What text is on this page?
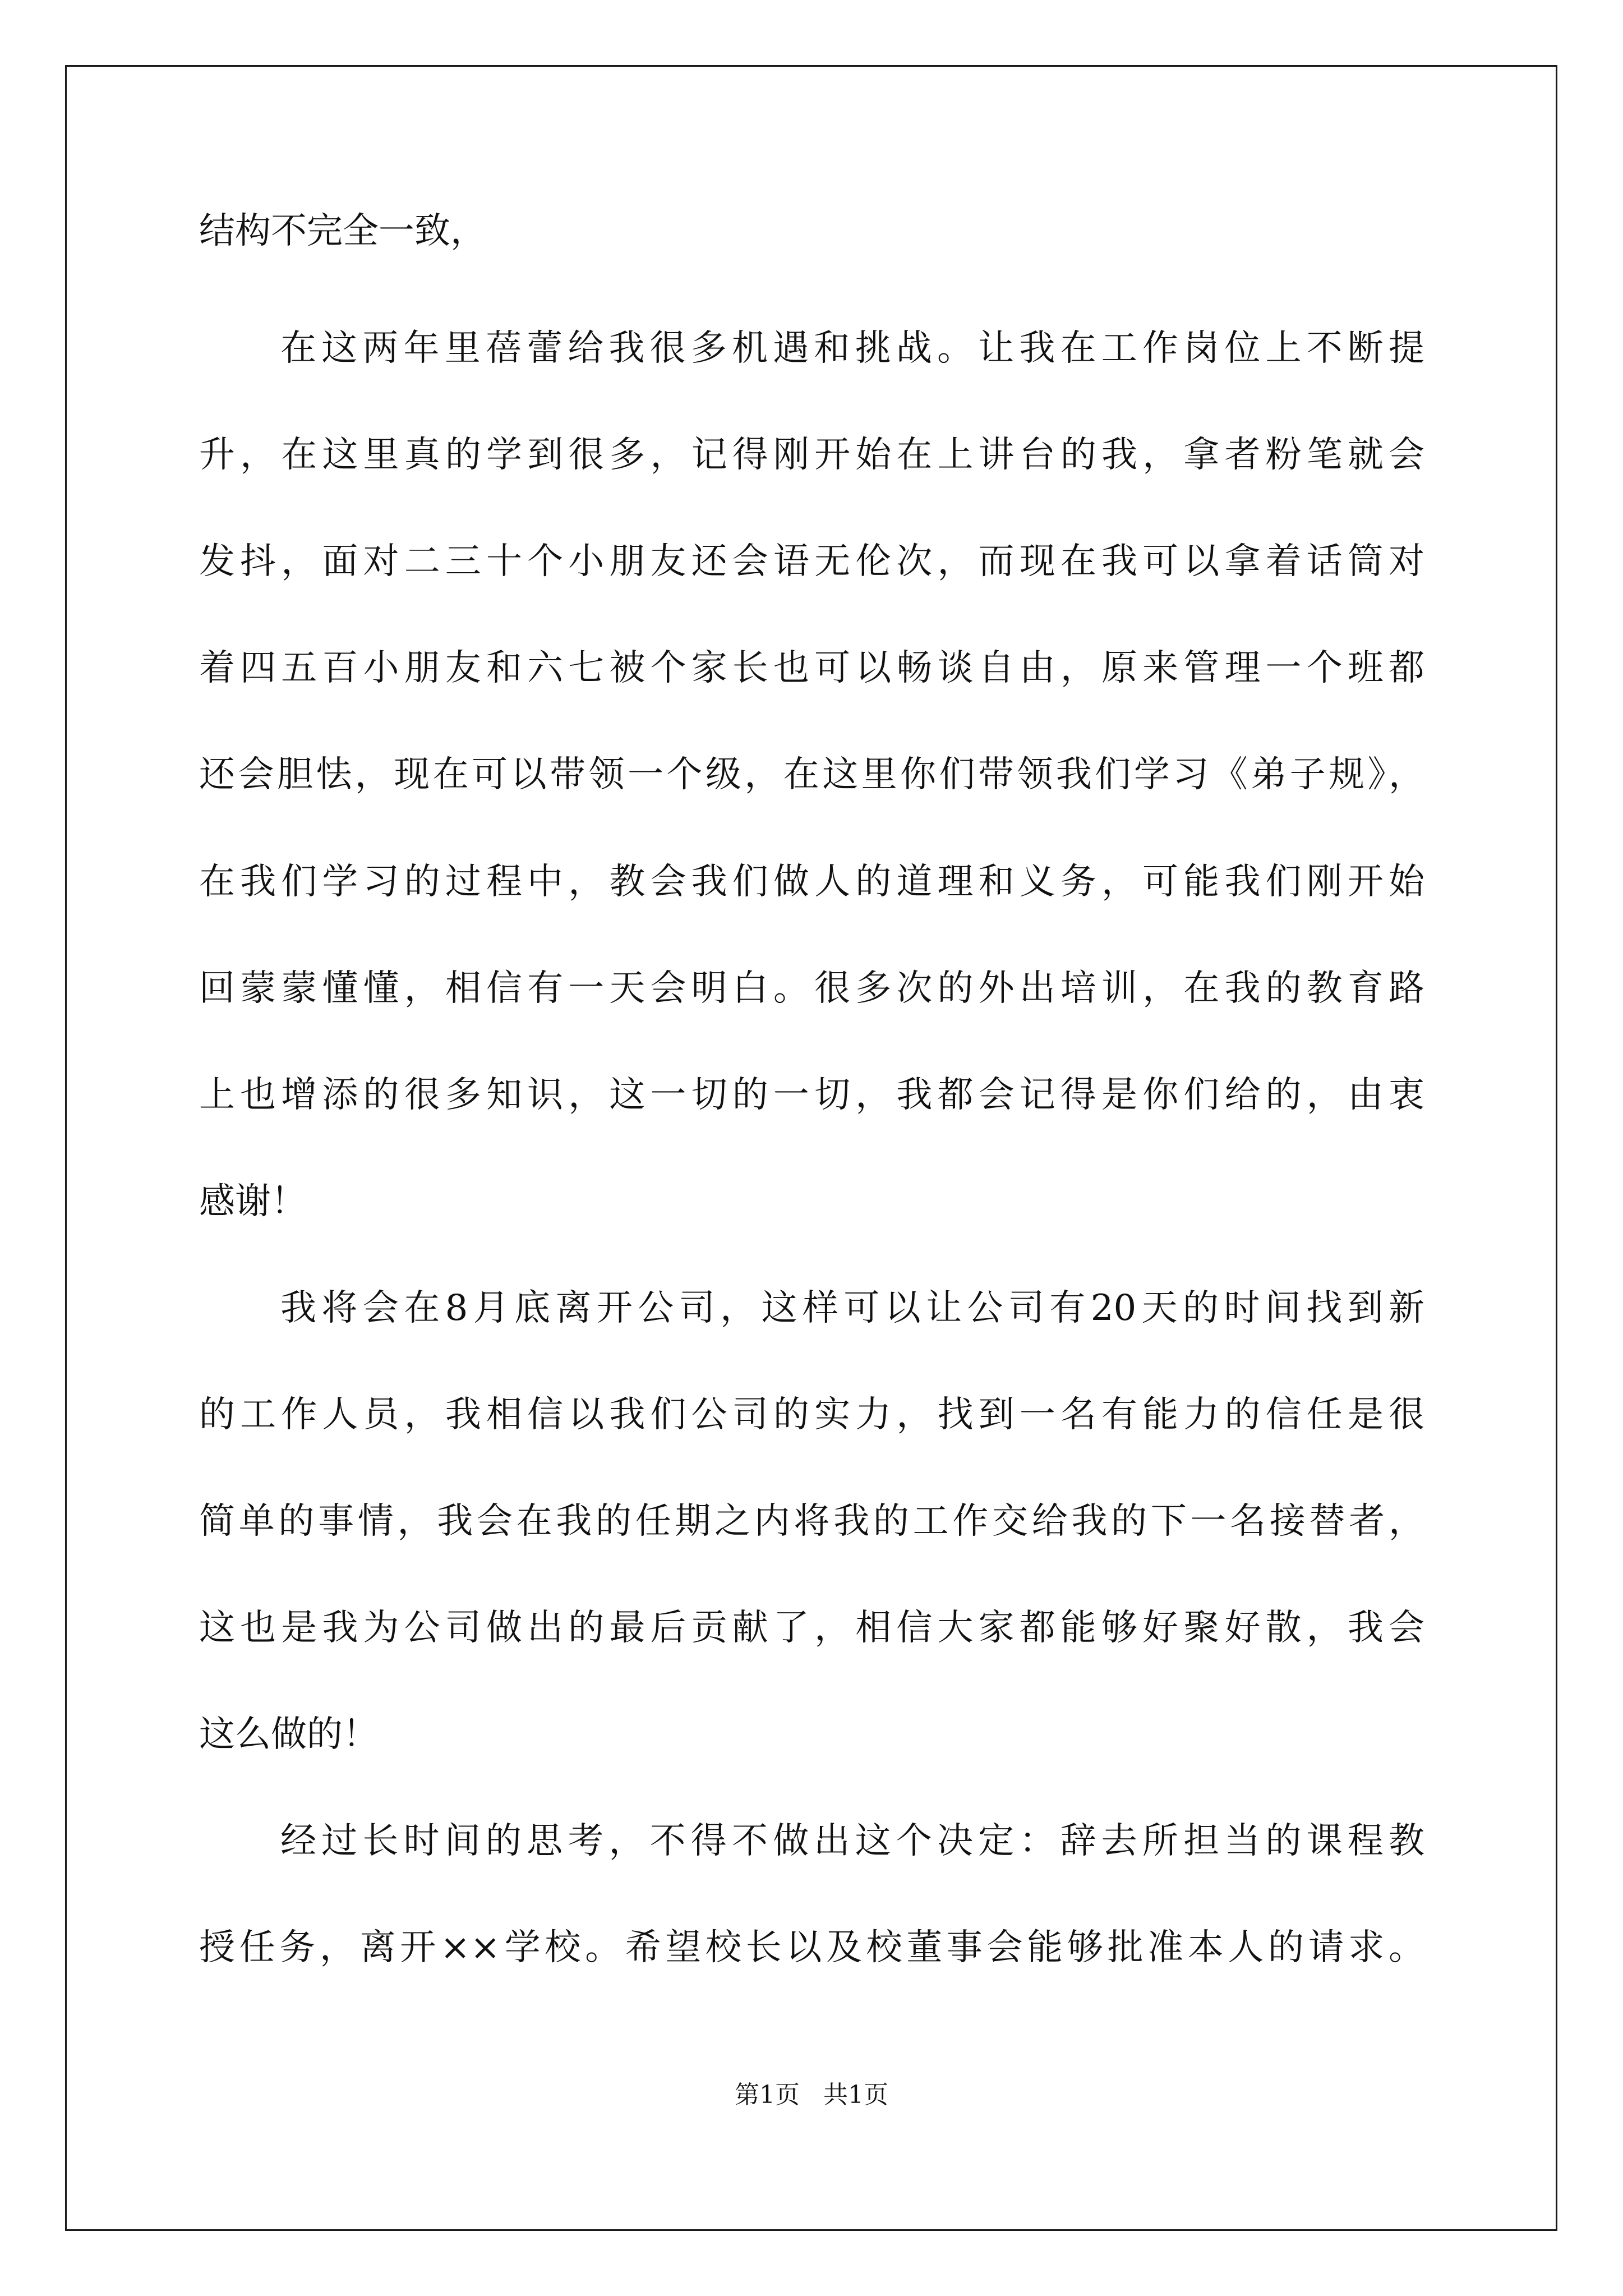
结构不完全一致，
在这两年里蓓蕾给我很多机遇和挑战。让我在工作岗位上不断提
升，在这里真的学到很多，记得刚开始在上讲台的我，拿者粉笔就会
发抖，面对二三十个小朋友还会语无伦次，而现在我可以拿着话筒对
着四五百小朋友和六七被个家长也可以畅谈自由，原来管理一个班都
还会胆怯，现在可以带领一个级，在这里你们带领我们学习《弟子规》，
在我们学习的过程中，教会我们做人的道理和义务，可能我们刚开始
回蒙蒙懂懂，相信有一天会明白。很多次的外出培训，在我的教育路
上也增添的很多知识，这一切的一切，我都会记得是你们给的，由衷
感谢！
我将会在8月底离开公司，这样可以让公司有20天的时间找到新
的工作人员，我相信以我们公司的实力，找到一名有能力的信任是很
简单的事情，我会在我的任期之内将我的工作交给我的下一名接替者，
这也是我为公司做出的最后贡献了，相信大家都能够好聚好散，我会
这么做的！
经过长时间的思考，不得不做出这个决定：辞去所担当的课程教
授任务，离开××学校。希望校长以及校董事会能够批准本人的请求。
第1页 共1页
